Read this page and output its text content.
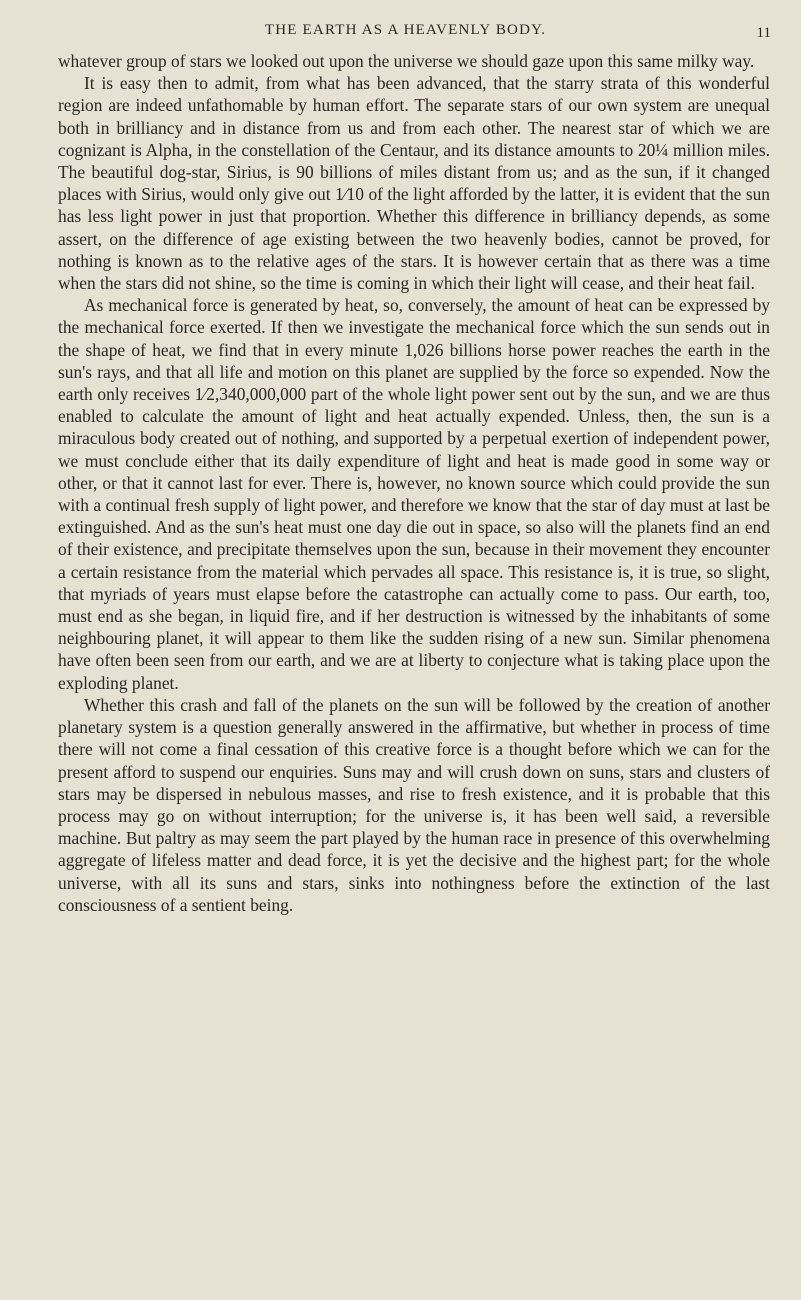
THE EARTH AS A HEAVENLY BODY.	11

whatever group of stars we looked out upon the universe we should gaze upon this same milky way.

It is easy then to admit, from what has been advanced, that the starry strata of this wonderful region are indeed unfathomable by human effort. The separate stars of our own system are unequal both in brilliancy and in distance from us and from each other. The nearest star of which we are cognizant is Alpha, in the constellation of the Centaur, and its distance amounts to 20¼ million miles. The beautiful dog-star, Sirius, is 90 billions of miles distant from us; and as the sun, if it changed places with Sirius, would only give out 1⁄10 of the light afforded by the latter, it is evident that the sun has less light power in just that proportion. Whether this difference in brilliancy depends, as some assert, on the difference of age existing between the two heavenly bodies, cannot be proved, for nothing is known as to the relative ages of the stars. It is however certain that as there was a time when the stars did not shine, so the time is coming in which their light will cease, and their heat fail.

As mechanical force is generated by heat, so, conversely, the amount of heat can be expressed by the mechanical force exerted. If then we investigate the mechanical force which the sun sends out in the shape of heat, we find that in every minute 1,026 billions horse power reaches the earth in the sun's rays, and that all life and motion on this planet are supplied by the force so expended. Now the earth only receives 1⁄2,340,000,000 part of the whole light power sent out by the sun, and we are thus enabled to calculate the amount of light and heat actually expended. Unless, then, the sun is a miraculous body created out of nothing, and supported by a perpetual exertion of independent power, we must conclude either that its daily expenditure of light and heat is made good in some way or other, or that it cannot last for ever. There is, however, no known source which could provide the sun with a continual fresh supply of light power, and therefore we know that the star of day must at last be extinguished. And as the sun's heat must one day die out in space, so also will the planets find an end of their existence, and precipitate themselves upon the sun, because in their movement they encounter a certain resistance from the material which pervades all space. This resistance is, it is true, so slight, that myriads of years must elapse before the catastrophe can actually come to pass. Our earth, too, must end as she began, in liquid fire, and if her destruction is witnessed by the inhabitants of some neighbouring planet, it will appear to them like the sudden rising of a new sun. Similar phenomena have often been seen from our earth, and we are at liberty to conjecture what is taking place upon the exploding planet.

Whether this crash and fall of the planets on the sun will be followed by the creation of another planetary system is a question generally answered in the affirmative, but whether in process of time there will not come a final cessation of this creative force is a thought before which we can for the present afford to suspend our enquiries. Suns may and will crush down on suns, stars and clusters of stars may be dispersed in nebulous masses, and rise to fresh existence, and it is probable that this process may go on without interruption; for the universe is, it has been well said, a reversible machine. But paltry as may seem the part played by the human race in presence of this overwhelming aggregate of lifeless matter and dead force, it is yet the decisive and the highest part; for the whole universe, with all its suns and stars, sinks into nothingness before the extinction of the last consciousness of a sentient being.
